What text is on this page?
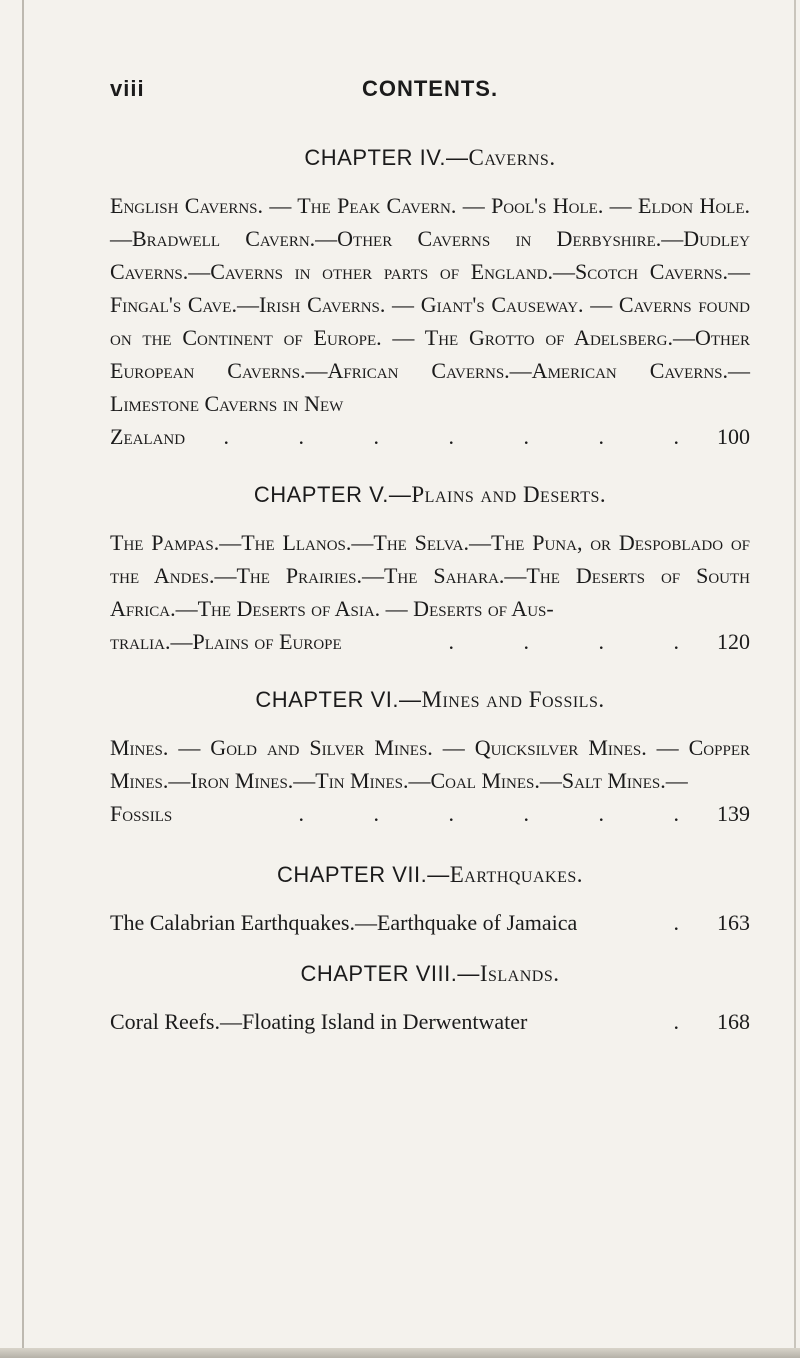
CONTENTS.
viii
CHAPTER IV.—Caverns.
English Caverns. — The Peak Cavern. — Pool's Hole. — Eldon Hole.—Bradwell Cavern.—Other Caverns in Derbyshire.—Dudley Caverns.—Caverns in other parts of England.—Scotch Caverns.—Fingal's Cave.—Irish Caverns. — Giant's Causeway. — Caverns found on the Continent of Europe. — The Grotto of Adelsberg.—Other European Caverns.—African Caverns.—American Caverns.—Limestone Caverns in New
Zealand	. . . . . . . 100
CHAPTER V.—Plains and Deserts.
The Pampas.—The Llanos.—The Selva.—The Puna, or Despoblado of the Andes.—The Prairies.—The Sahara.—The Deserts of South Africa.—The Deserts of Asia. — Deserts of Aus-
tralia.—Plains of Europe	. . . . 120
CHAPTER VI.—Mines and Fossils.
Mines. — Gold and Silver Mines. — Quicksilver Mines. — Copper Mines.—Iron Mines.—Tin Mines.—Coal Mines.—Salt Mines.—
Fossils	. . . . . . 139
CHAPTER VII.—Earthquakes.
The Calabrian Earthquakes.—Earthquake of Jamaica	. 163
CHAPTER VIII.—Islands.
Coral Reefs.—Floating Island in Derwentwater	. 168
